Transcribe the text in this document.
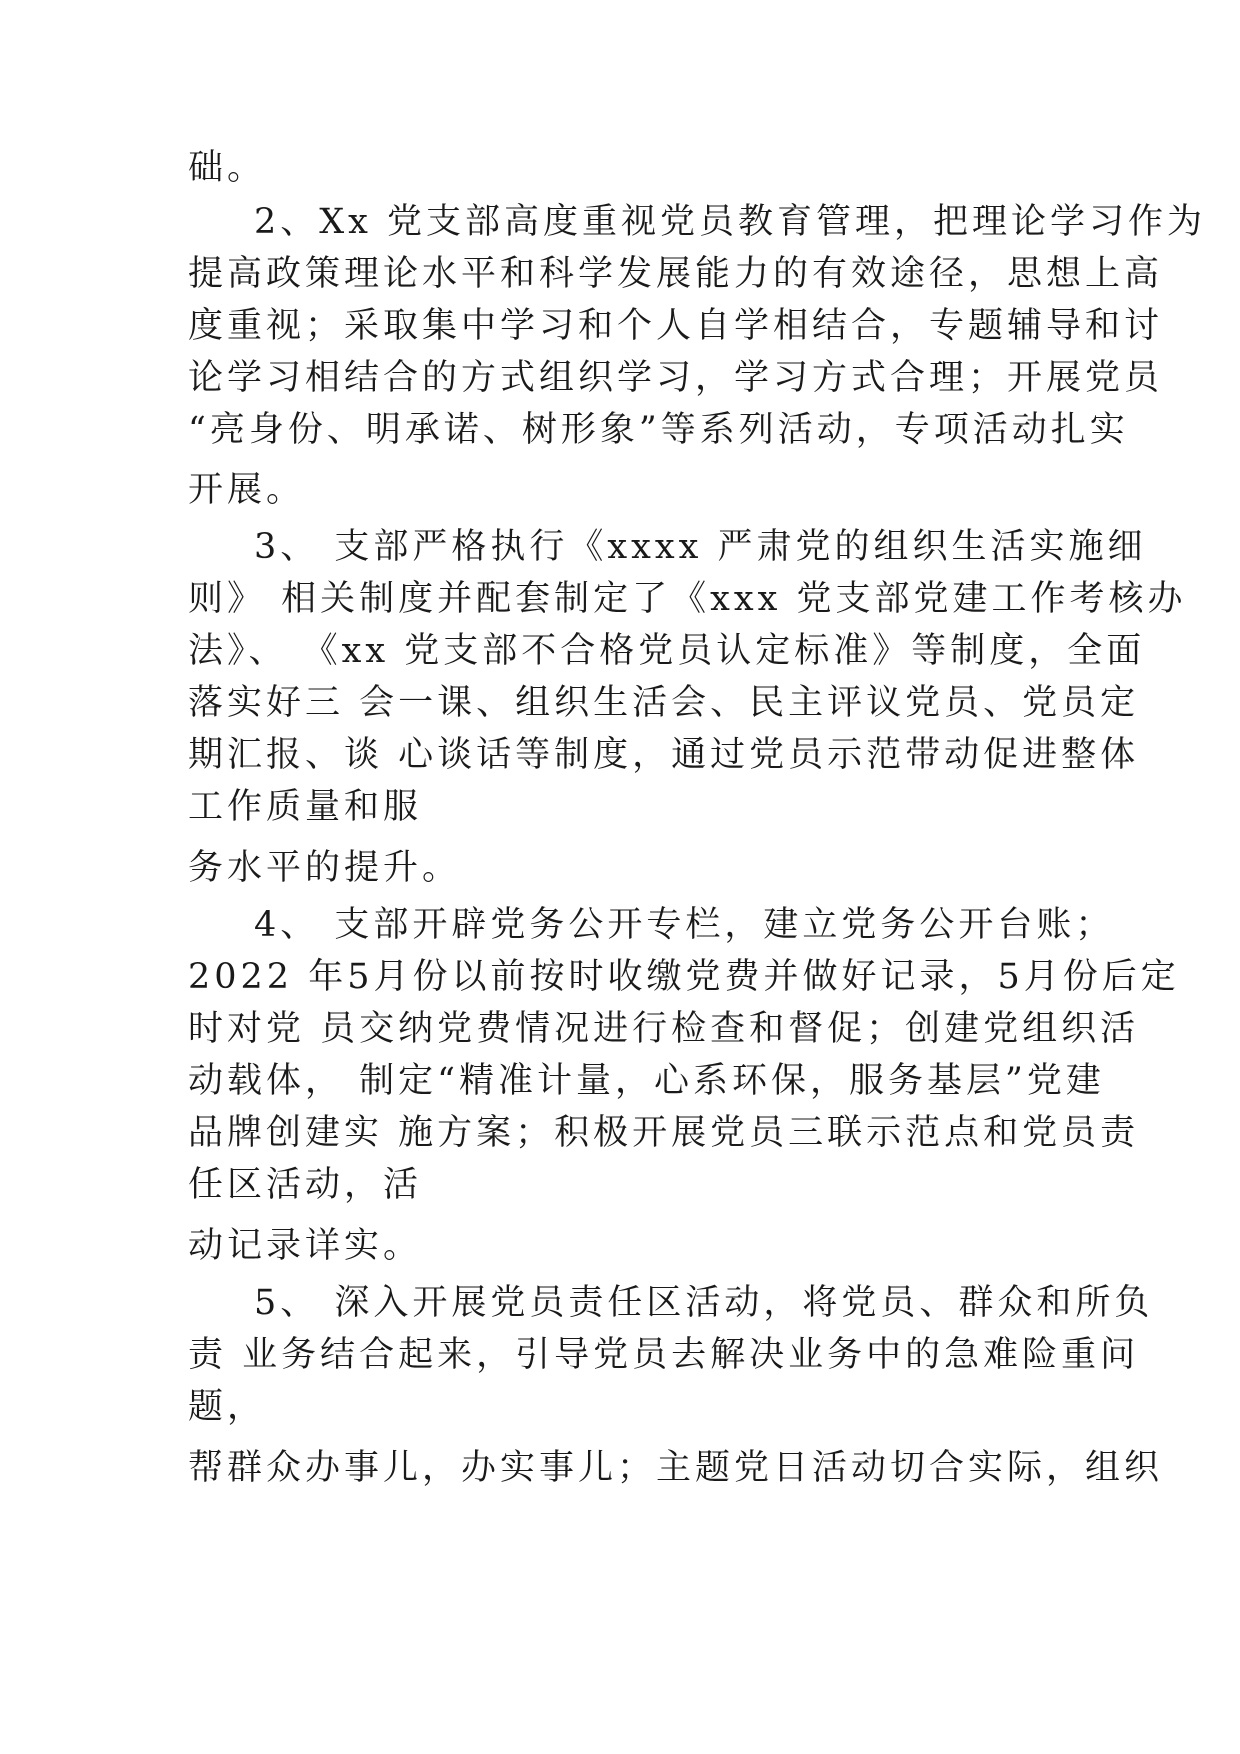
础。

2、Xx 党支部高度重视党员教育管理，把理论学习作为

提高政策理论水平和科学发展能力的有效途径，思想上高

度重视；采取集中学习和个人自学相结合，专题辅导和讨

论学习相结合的方式组织学习，学习方式合理；开展党员

“亮身份、明承诺、树形象”等系列活动，专项活动扎实

开展。

3、 支部严格执行《xxxx 严肃党的组织生活实施细

则》 相关制度并配套制定了《xxx 党支部党建工作考核办

法》、 《xx 党支部不合格党员认定标准》等制度，全面

落实好三 会一课、组织生活会、民主评议党员、党员定

期汇报、谈 心谈话等制度，通过党员示范带动促进整体

工作质量和服

务水平的提升。

4、 支部开辟党务公开专栏，建立党务公开台账；

2022 年5月份以前按时收缴党费并做好记录，5月份后定

时对党 员交纳党费情况进行检查和督促；创建党组织活

动载体， 制定“精准计量，心系环保，服务基层”党建

品牌创建实 施方案；积极开展党员三联示范点和党员责

任区活动，活

动记录详实。

5、 深入开展党员责任区活动，将党员、群众和所负

责 业务结合起来，引导党员去解决业务中的急难险重问

题，

帮群众办事儿，办实事儿；主题党日活动切合实际，组织
